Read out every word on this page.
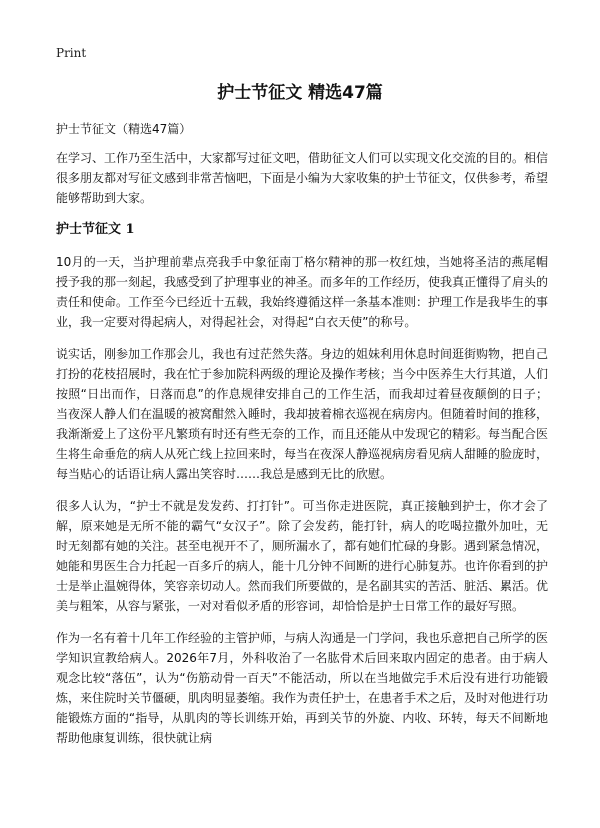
Print
护士节征文 精选47篇
护士节征文（精选47篇）

在学习、工作乃至生活中，大家都写过征文吧，借助征文人们可以实现文化交流的目的。相信很多朋友都对写征文感到非常苦恼吧，下面是小编为大家收集的护士节征文，仅供参考，希望能够帮助到大家。

护士节征文 1

10月的一天，当护理前辈点亮我手中象征南丁格尔精神的那一枚红烛，当她将圣洁的燕尾帽授予我的那一刻起，我感受到了护理事业的神圣。而多年的工作经历，使我真正懂得了肩头的责任和使命。工作至今已经近十五载，我始终遵循这样一条基本准则：护理工作是我毕生的事业，我一定要对得起病人，对得起社会，对得起“白衣天使”的称号。

说实话，刚参加工作那会儿，我也有过茫然失落。身边的姐妹利用休息时间逛街购物，把自己打扮的花枝招展时，我在忙于参加院科两级的理论及操作考核；当今中医养生大行其道，人们按照“日出而作，日落而息”的作息规律安排自己的工作生活，而我却过着昼夜颠倒的日子；当夜深人静人们在温暖的被窝酣然入睡时，我却披着棉衣巡视在病房内。但随着时间的推移，我渐渐爱上了这份平凡繁琐有时还有些无奈的工作，而且还能从中发现它的精彩。每当配合医生将生命垂危的病人从死亡线上拉回来时，每当在夜深人静巡视病房看见病人甜睡的脸庞时，每当贴心的话语让病人露出笑容时……我总是感到无比的欣慰。

很多人认为，“护士不就是发发药、打打针”。可当你走进医院，真正接触到护士，你才会了解，原来她是无所不能的霸气“女汉子”。除了会发药，能打针，病人的吃喝拉撒外加吐，无时无刻都有她的关注。甚至电视开不了，厕所漏水了，都有她们忙碌的身影。遇到紧急情况，她能和男医生合力托起一百多斤的病人，能十几分钟不间断的进行心肺复苏。也许你看到的护士是举止温婉得体，笑容亲切动人。然而我们所要做的，是名副其实的苦活、脏活、累活。优美与粗笨，从容与紧张，一对对看似矛盾的形容词，却恰恰是护士日常工作的最好写照。

作为一名有着十几年工作经验的主管护师，与病人沟通是一门学问，我也乐意把自己所学的医学知识宣教给病人。2026年7月，外科收治了一名肱骨术后回来取内固定的患者。由于病人观念比较“落伍”，认为“伤筋动骨一百天”不能活动，所以在当地做完手术后没有进行功能锻炼，来住院时关节僵硬，肌肉明显萎缩。我作为责任护士，在患者手术之后，及时对他进行功能锻炼方面的“指导，从肌肉的等长训练开始，再到关节的外旋、内收、环转，每天不间断地帮助他康复训练，很快就让病
